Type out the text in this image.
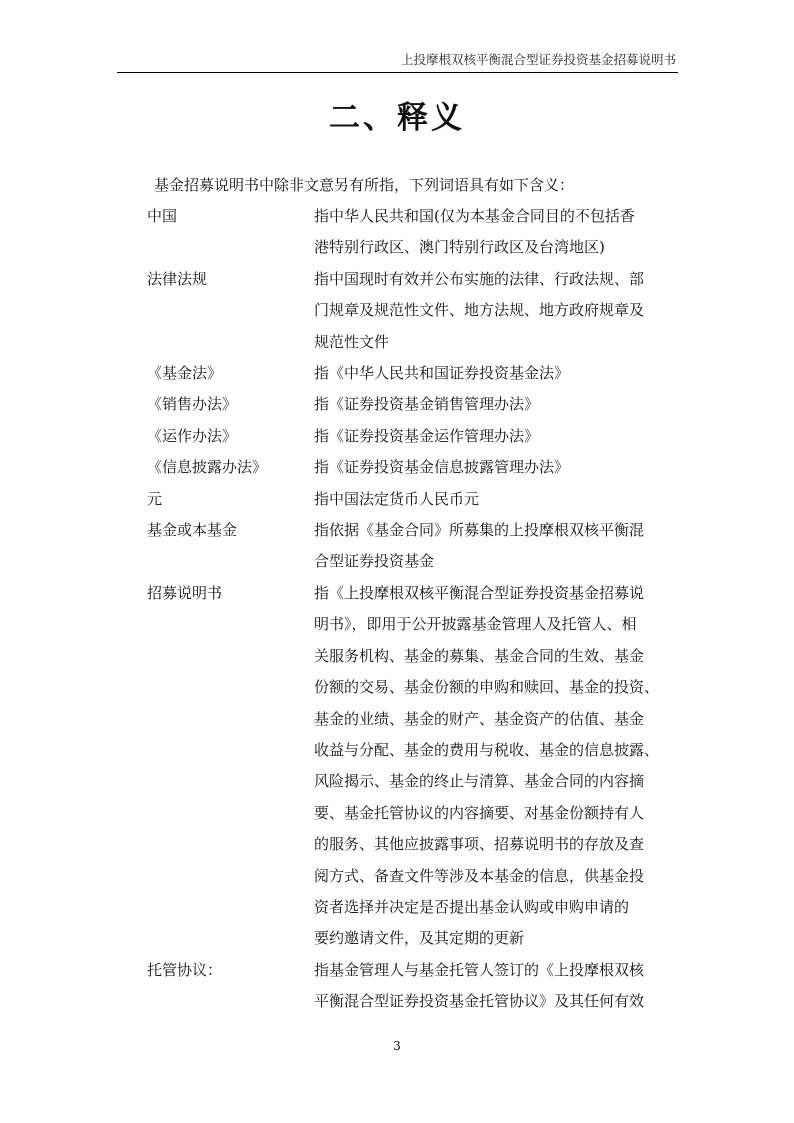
上投摩根双核平衡混合型证券投资基金招募说明书
二、释义
基金招募说明书中除非文意另有所指，下列词语具有如下含义：
中国	指中华人民共和国(仅为本基金合同目的不包括香
港特别行政区、澳门特别行政区及台湾地区)
法律法规	指中国现时有效并公布实施的法律、行政法规、部
门规章及规范性文件、地方法规、地方政府规章及
规范性文件
《基金法》	指《中华人民共和国证券投资基金法》
《销售办法》	指《证券投资基金销售管理办法》
《运作办法》	指《证券投资基金运作管理办法》
《信息披露办法》	指《证券投资基金信息披露管理办法》
元	指中国法定货币人民币元
基金或本基金	指依据《基金合同》所募集的上投摩根双核平衡混
合型证券投资基金
招募说明书	指《上投摩根双核平衡混合型证券投资基金招募说
明书》，即用于公开披露基金管理人及托管人、相
关服务机构、基金的募集、基金合同的生效、基金
份额的交易、基金份额的申购和赎回、基金的投资、
基金的业绩、基金的财产、基金资产的估值、基金
收益与分配、基金的费用与税收、基金的信息披露、
风险揭示、基金的终止与清算、基金合同的内容摘
要、基金托管协议的内容摘要、对基金份额持有人
的服务、其他应披露事项、招募说明书的存放及查
阅方式、备查文件等涉及本基金的信息，供基金投
资者选择并决定是否提出基金认购或申购申请的
要约邀请文件，及其定期的更新
托管协议：	指基金管理人与基金托管人签订的《上投摩根双核
平衡混合型证券投资基金托管协议》及其任何有效
3
